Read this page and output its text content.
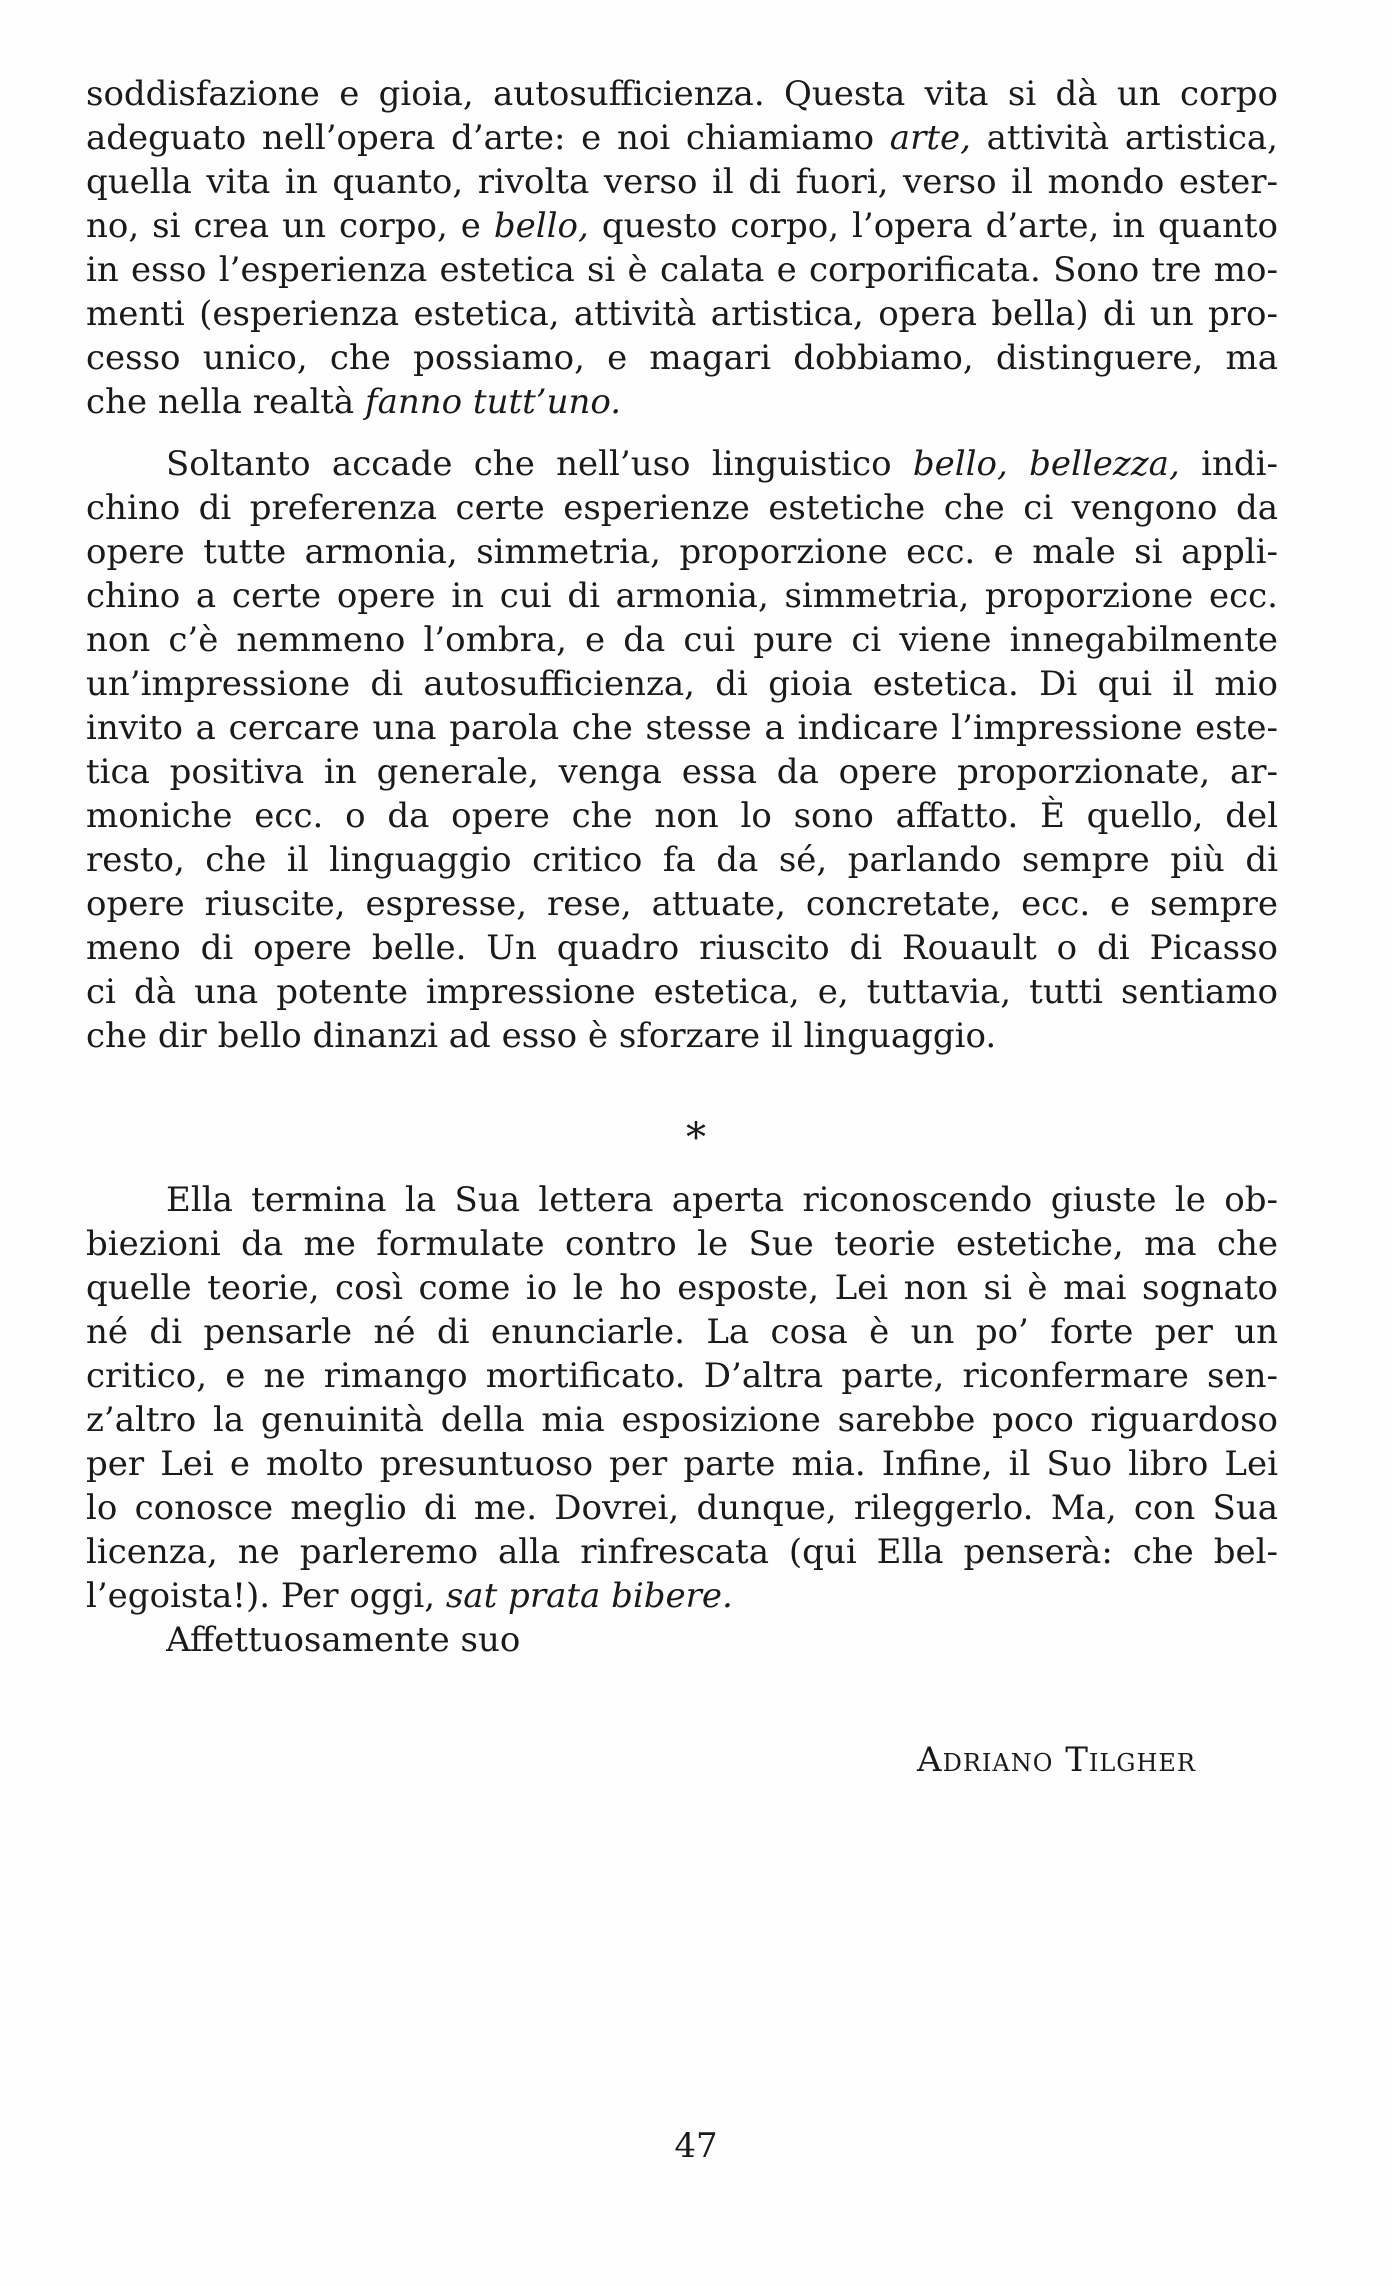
soddisfazione e gioia, autosufficienza. Questa vita si dà un corpo
adeguato nell’opera d’arte: e noi chiamiamo arte, attività artistica,
quella vita in quanto, rivolta verso il di fuori, verso il mondo ester-
no, si crea un corpo, e bello, questo corpo, l’opera d’arte, in quanto
in esso l’esperienza estetica si è calata e corporificata. Sono tre mo-
menti (esperienza estetica, attività artistica, opera bella) di un pro-
cesso unico, che possiamo, e magari dobbiamo, distinguere, ma
che nella realtà fanno tutt’uno.
Soltanto accade che nell’uso linguistico bello, bellezza, indi-
chino di preferenza certe esperienze estetiche che ci vengono da
opere tutte armonia, simmetria, proporzione ecc. e male si appli-
chino a certe opere in cui di armonia, simmetria, proporzione ecc.
non c’è nemmeno l’ombra, e da cui pure ci viene innegabilmente
un’impressione di autosufficienza, di gioia estetica. Di qui il mio
invito a cercare una parola che stesse a indicare l’impressione este-
tica positiva in generale, venga essa da opere proporzionate, ar-
moniche ecc. o da opere che non lo sono affatto. È quello, del
resto, che il linguaggio critico fa da sé, parlando sempre più di
opere riuscite, espresse, rese, attuate, concretate, ecc. e sempre
meno di opere belle. Un quadro riuscito di Rouault o di Picasso
ci dà una potente impressione estetica, e, tuttavia, tutti sentiamo
che dir bello dinanzi ad esso è sforzare il linguaggio.
*
Ella termina la Sua lettera aperta riconoscendo giuste le ob-
biezioni da me formulate contro le Sue teorie estetiche, ma che
quelle teorie, così come io le ho esposte, Lei non si è mai sognato
né di pensarle né di enunciarle. La cosa è un po’ forte per un
critico, e ne rimango mortificato. D’altra parte, riconfermare sen-
z’altro la genuinità della mia esposizione sarebbe poco riguardoso
per Lei e molto presuntuoso per parte mia. Infine, il Suo libro Lei
lo conosce meglio di me. Dovrei, dunque, rileggerlo. Ma, con Sua
licenza, ne parleremo alla rinfrescata (qui Ella penserà: che bel-
l’egoista!). Per oggi, sat prata bibere.
Affettuosamente suo
Adriano Tilgher
47
